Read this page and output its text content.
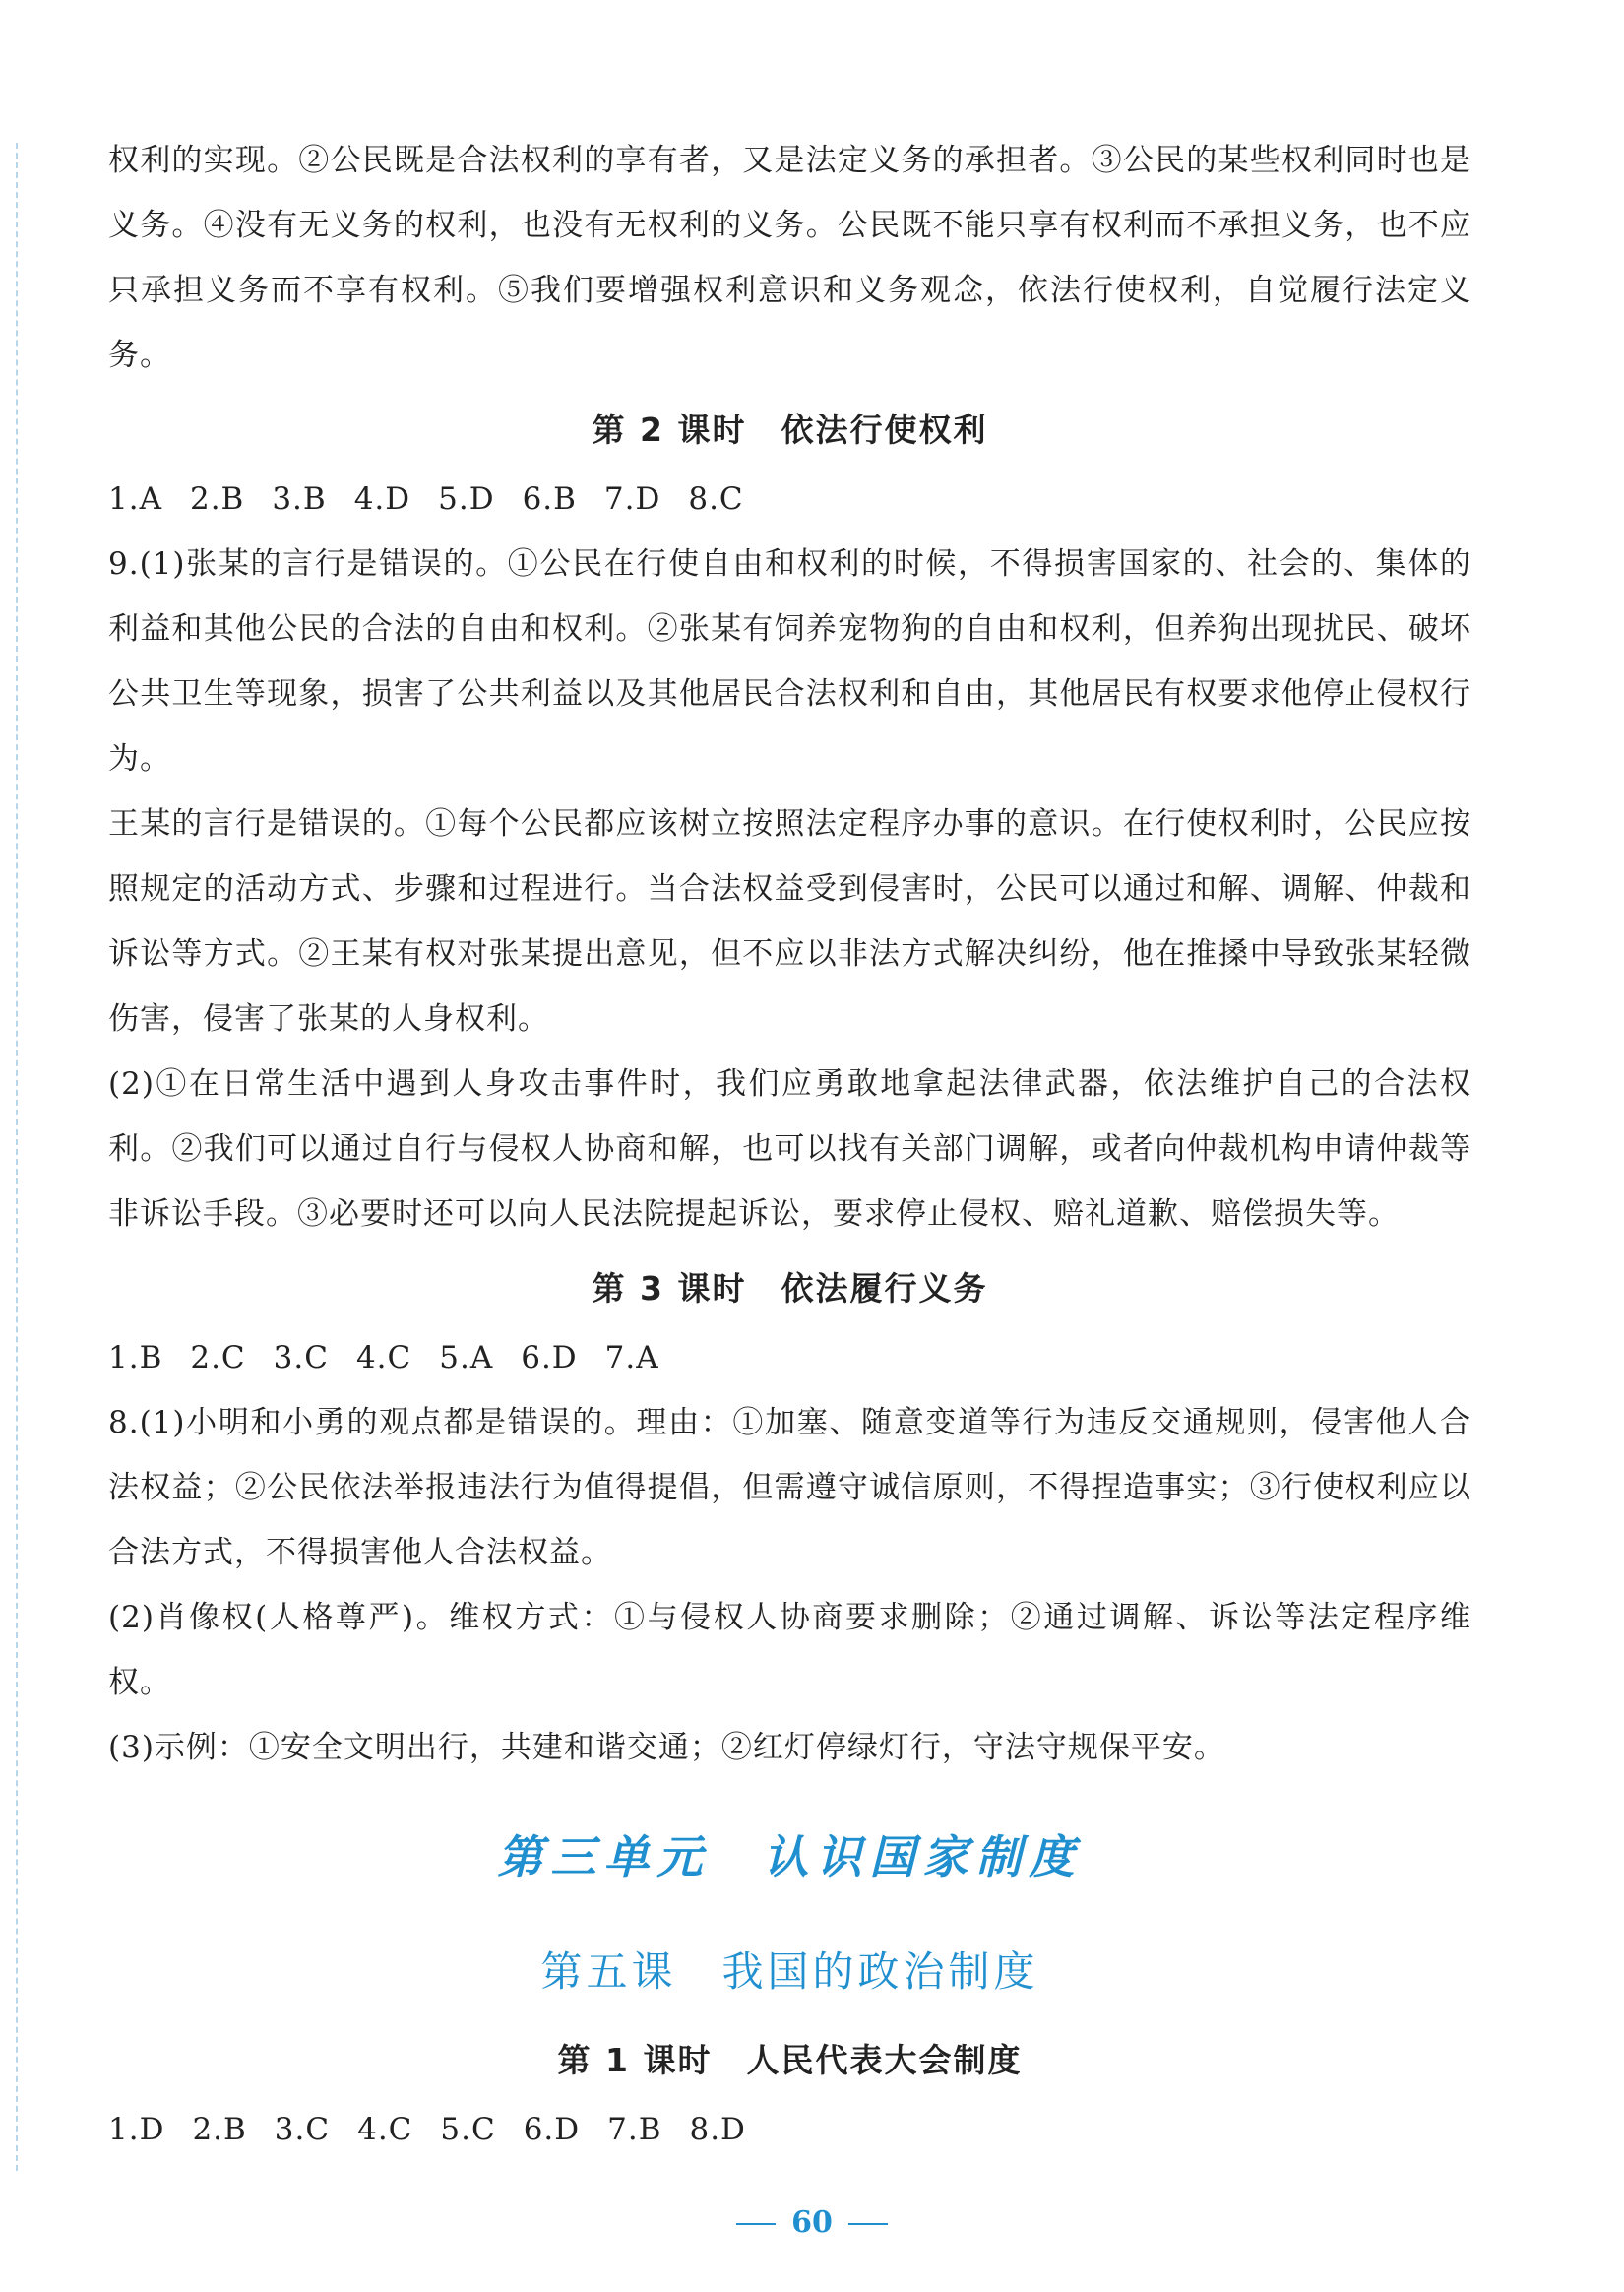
权利的实现。②公民既是合法权利的享有者，又是法定义务的承担者。③公民的某些权利同时也是义务。④没有无义务的权利，也没有无权利的义务。公民既不能只享有权利而不承担义务，也不应只承担义务而不享有权利。⑤我们要增强权利意识和义务观念，依法行使权利，自觉履行法定义务。

第 2 课时　依法行使权利

1.A 2.B 3.B 4.D 5.D 6.B 7.D 8.C

9.(1)张某的言行是错误的。①公民在行使自由和权利的时候，不得损害国家的、社会的、集体的利益和其他公民的合法的自由和权利。②张某有饲养宠物狗的自由和权利，但养狗出现扰民、破坏公共卫生等现象，损害了公共利益以及其他居民合法权利和自由，其他居民有权要求他停止侵权行为。

王某的言行是错误的。①每个公民都应该树立按照法定程序办事的意识。在行使权利时，公民应按照规定的活动方式、步骤和过程进行。当合法权益受到侵害时，公民可以通过和解、调解、仲裁和诉讼等方式。②王某有权对张某提出意见，但不应以非法方式解决纠纷，他在推搡中导致张某轻微伤害，侵害了张某的人身权利。

(2)①在日常生活中遇到人身攻击事件时，我们应勇敢地拿起法律武器，依法维护自己的合法权利。②我们可以通过自行与侵权人协商和解，也可以找有关部门调解，或者向仲裁机构申请仲裁等非诉讼手段。③必要时还可以向人民法院提起诉讼，要求停止侵权、赔礼道歉、赔偿损失等。

第 3 课时　依法履行义务

1.B 2.C 3.C 4.C 5.A 6.D 7.A

8.(1)小明和小勇的观点都是错误的。理由：①加塞、随意变道等行为违反交通规则，侵害他人合法权益；②公民依法举报违法行为值得提倡，但需遵守诚信原则，不得捏造事实；③行使权利应以合法方式，不得损害他人合法权益。

(2)肖像权(人格尊严)。维权方式：①与侵权人协商要求删除；②通过调解、诉讼等法定程序维权。

(3)示例：①安全文明出行，共建和谐交通；②红灯停绿灯行，守法守规保平安。

第三单元　认识国家制度
第五课　我国的政治制度
第 1 课时　人民代表大会制度

1.D 2.B 3.C 4.C 5.C 6.D 7.B 8.D

60
